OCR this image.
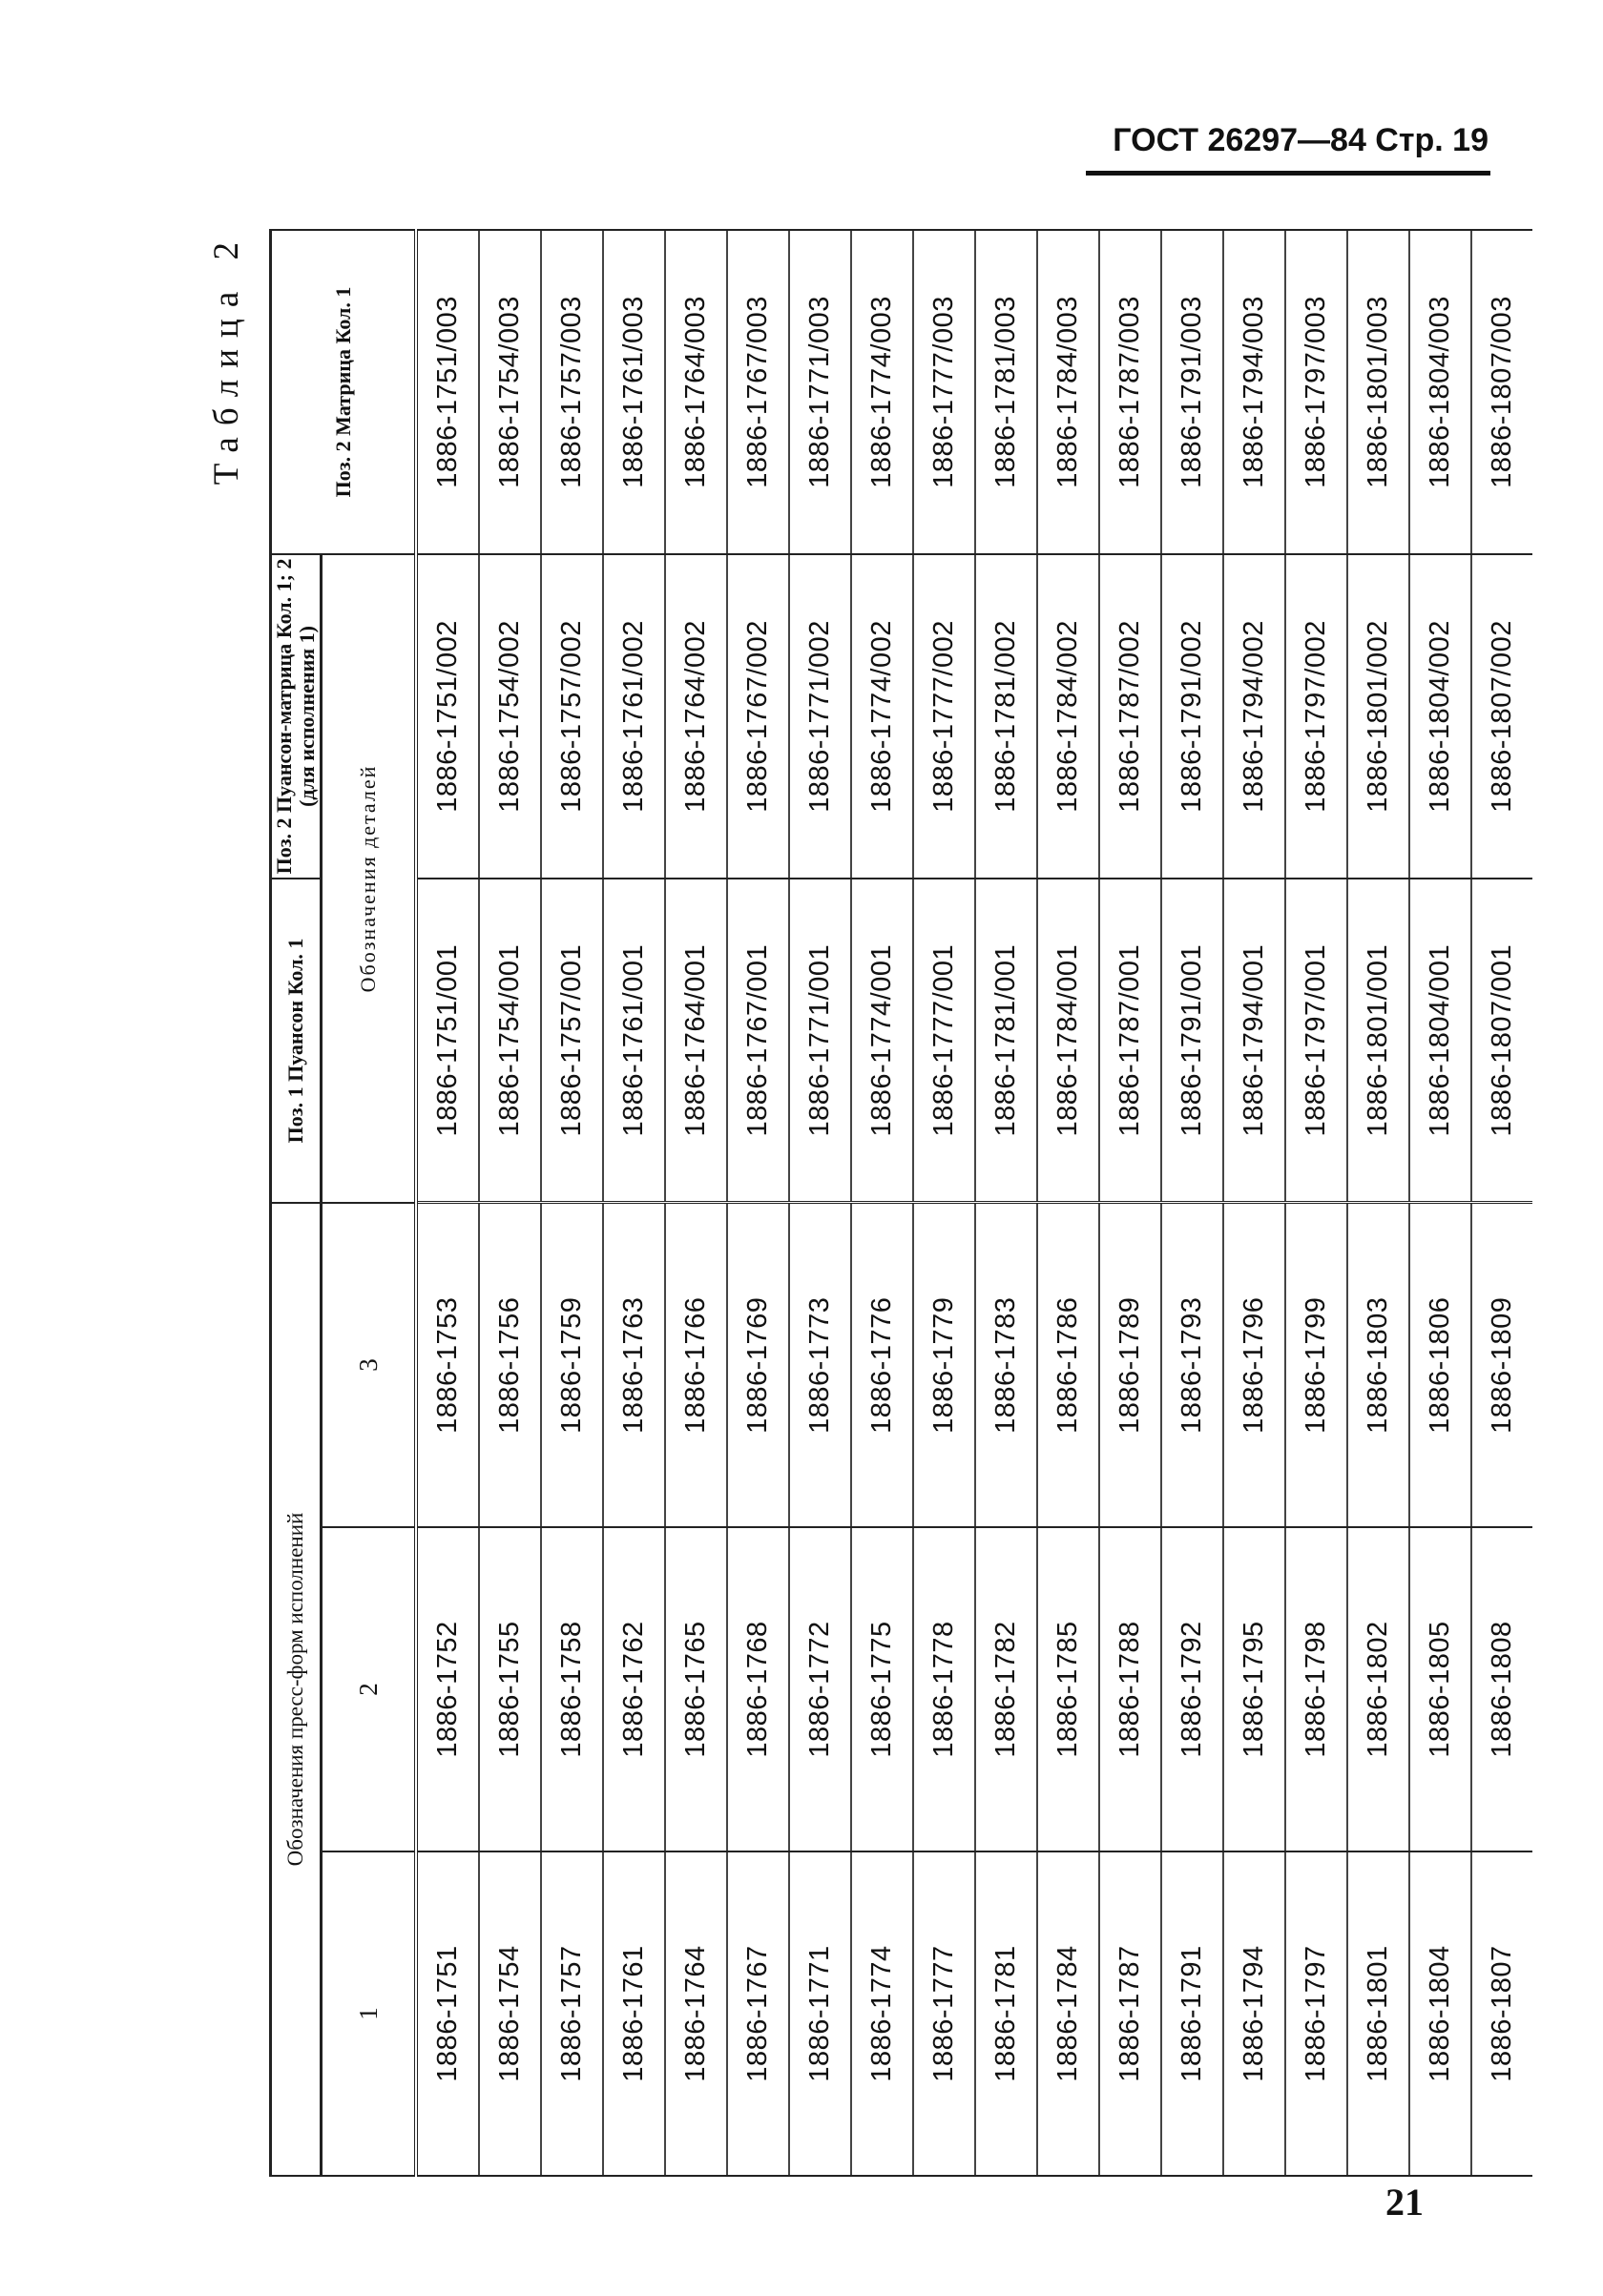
ГОСТ 26297—84 Стр. 19
Таблица 2
Обозначения пресс-форм исполнений			Поз. 1 Пуансон Кол. 1	Поз. 2 Пуансон-матрица Кол. 1; 2 (для исполнения 1)	Поз. 2 Матрица Кол. 1
1	2	3			
			Обозначения деталей		
1886-1751	1886-1752	1886-1753	1886-1751/001	1886-1751/002	1886-1751/003
1886-1754	1886-1755	1886-1756	1886-1754/001	1886-1754/002	1886-1754/003
1886-1757	1886-1758	1886-1759	1886-1757/001	1886-1757/002	1886-1757/003
1886-1761	1886-1762	1886-1763	1886-1761/001	1886-1761/002	1886-1761/003
1886-1764	1886-1765	1886-1766	1886-1764/001	1886-1764/002	1886-1764/003
1886-1767	1886-1768	1886-1769	1886-1767/001	1886-1767/002	1886-1767/003
1886-1771	1886-1772	1886-1773	1886-1771/001	1886-1771/002	1886-1771/003
1886-1774	1886-1775	1886-1776	1886-1774/001	1886-1774/002	1886-1774/003
1886-1777	1886-1778	1886-1779	1886-1777/001	1886-1777/002	1886-1777/003
1886-1781	1886-1782	1886-1783	1886-1781/001	1886-1781/002	1886-1781/003
1886-1784	1886-1785	1886-1786	1886-1784/001	1886-1784/002	1886-1784/003
1886-1787	1886-1788	1886-1789	1886-1787/001	1886-1787/002	1886-1787/003
1886-1791	1886-1792	1886-1793	1886-1791/001	1886-1791/002	1886-1791/003
1886-1794	1886-1795	1886-1796	1886-1794/001	1886-1794/002	1886-1794/003
1886-1797	1886-1798	1886-1799	1886-1797/001	1886-1797/002	1886-1797/003
1886-1801	1886-1802	1886-1803	1886-1801/001	1886-1801/002	1886-1801/003
1886-1804	1886-1805	1886-1806	1886-1804/001	1886-1804/002	1886-1804/003
1886-1807	1886-1808	1886-1809	1886-1807/001	1886-1807/002	1886-1807/003
21
